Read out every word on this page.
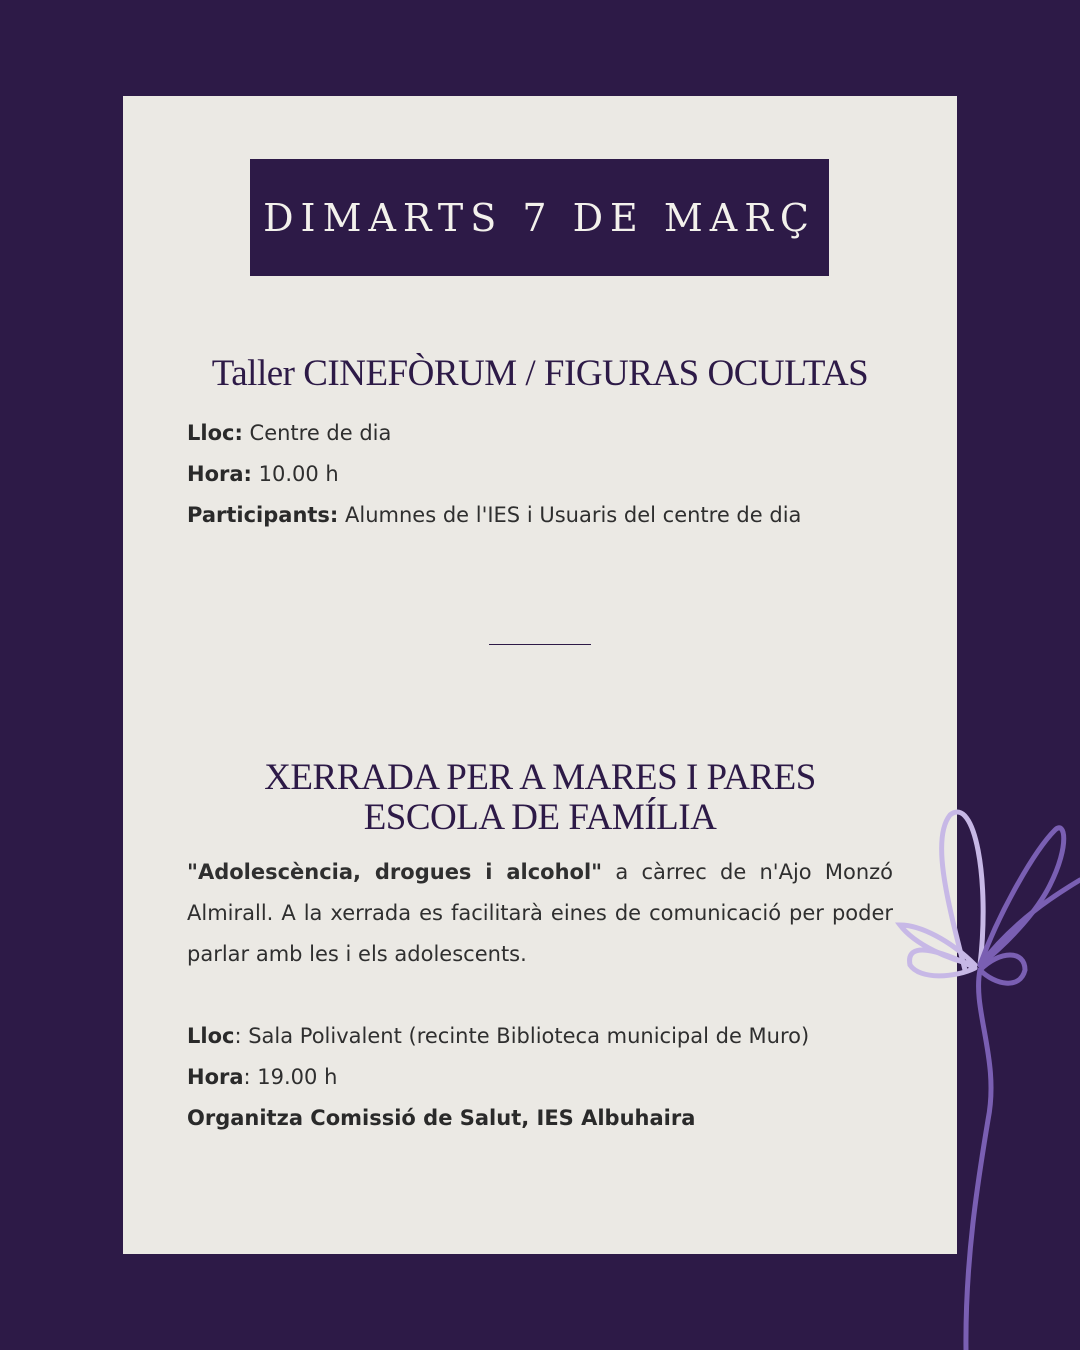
DIMARTS 7 DE MARÇ
Taller CINEFÒRUM / FIGURAS OCULTAS
Lloc: Centre de dia
Hora: 10.00 h
Participants: Alumnes de l'IES i Usuaris del centre de dia
XERRADA PER A MARES I PARES
ESCOLA DE FAMÍLIA
"Adolescència, drogues i alcohol" a càrrec de n'Ajo Monzó Almirall. A la xerrada es facilitarà eines de comunicació per poder parlar amb les i els adolescents.
Lloc: Sala Polivalent (recinte Biblioteca municipal de Muro)
Hora: 19.00 h
Organitza Comissió de Salut, IES Albuhaira
